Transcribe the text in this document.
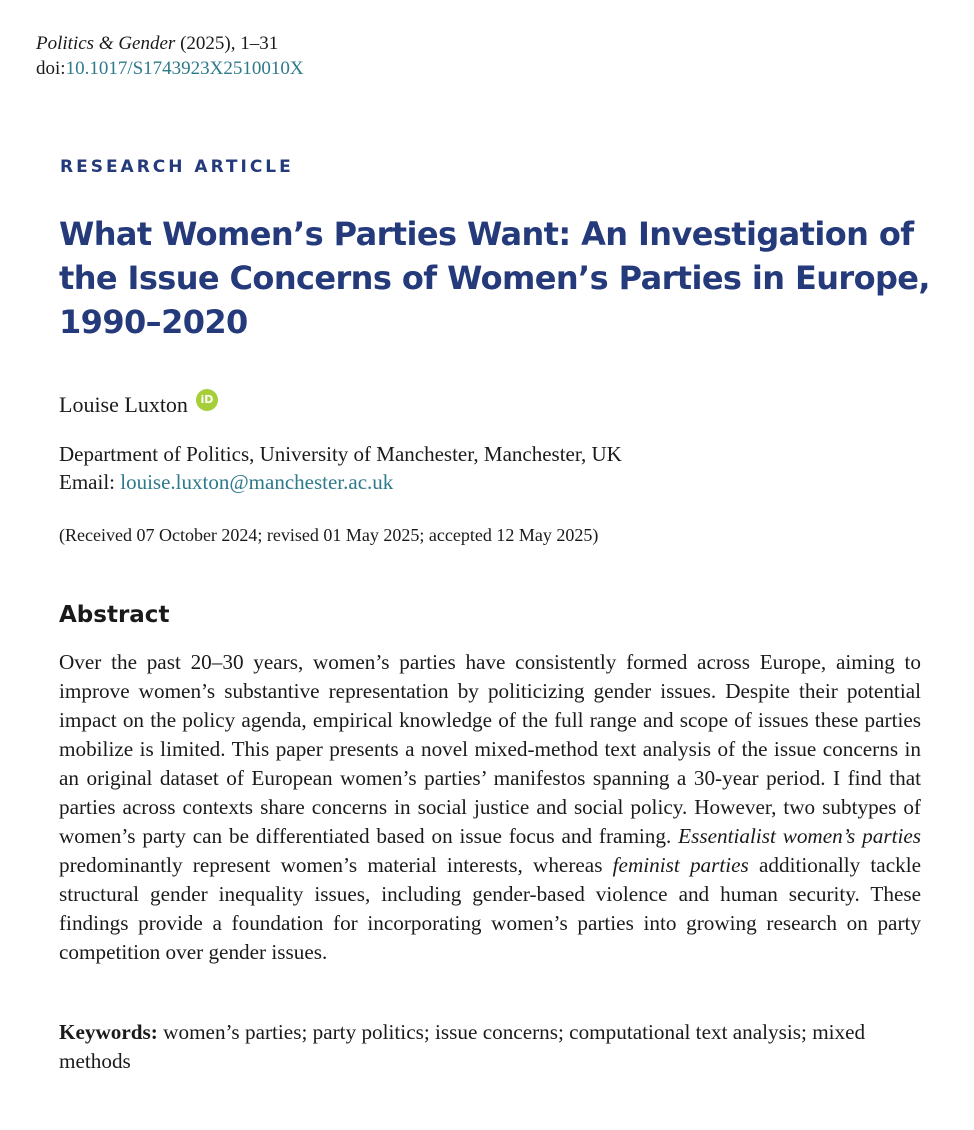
Politics & Gender (2025), 1–31
doi:10.1017/S1743923X2510010X
RESEARCH ARTICLE
What Women’s Parties Want: An Investigation of the Issue Concerns of Women’s Parties in Europe, 1990–2020
Louise Luxton	iD
Department of Politics, University of Manchester, Manchester, UK
Email: louise.luxton@manchester.ac.uk
(Received 07 October 2024; revised 01 May 2025; accepted 12 May 2025)
Abstract

Over the past 20–30 years, women’s parties have consistently formed across Europe, aiming to improve women’s substantive representation by politicizing gender issues. Despite their potential impact on the policy agenda, empirical knowledge of the full range and scope of issues these parties mobilize is limited. This paper presents a novel mixed-method text analysis of the issue concerns in an original dataset of European women’s parties’ manifestos spanning a 30-year period. I find that parties across contexts share concerns in social justice and social policy. However, two subtypes of women’s party can be differentiated based on issue focus and framing. Essentialist women’s parties predominantly represent women’s material interests, whereas feminist parties additionally tackle structural gender inequality issues, including gender-based violence and human security. These findings provide a foundation for incorporating women’s parties into growing research on party competition over gender issues.

Keywords: women’s parties; party politics; issue concerns; computational text analysis; mixed methods
